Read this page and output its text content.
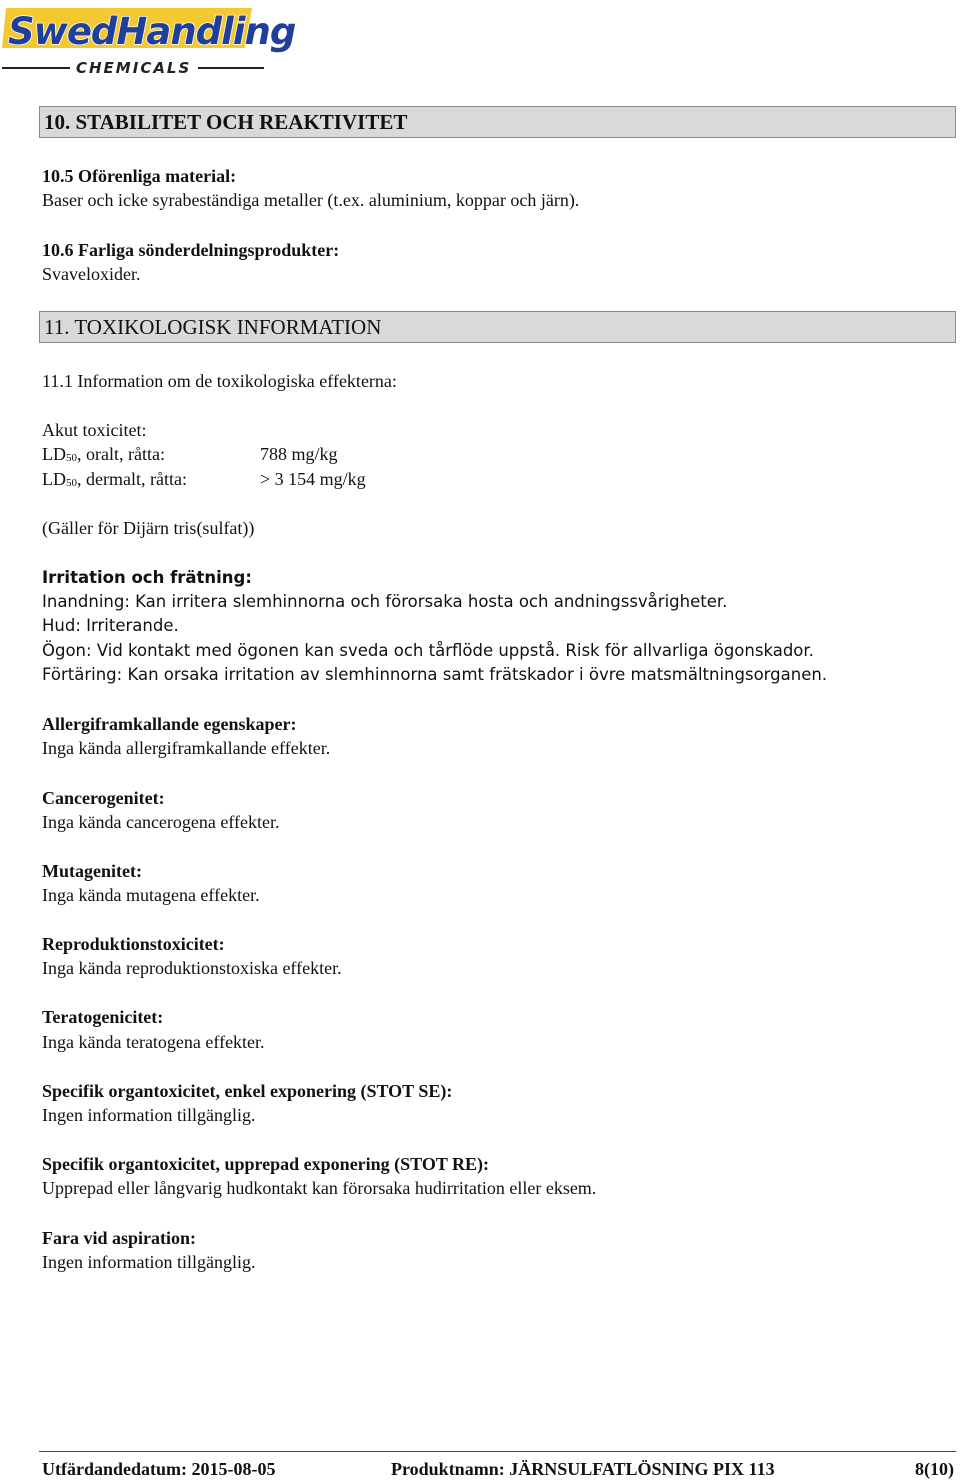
SwedHandling
CHEMICALS
10. STABILITET OCH REAKTIVITET
10.5 Oförenliga material:
Baser och icke syrabeständiga metaller (t.ex. aluminium, koppar och järn).
10.6 Farliga sönderdelningsprodukter:
Svaveloxider.
11. TOXIKOLOGISK INFORMATION
11.1 Information om de toxikologiska effekterna:
Akut toxicitet:
LD50, oralt, råtta:	788 mg/kg
LD50, dermalt, råtta:	> 3 154 mg/kg
(Gäller för Dijärn tris(sulfat))
Irritation och frätning:
Inandning: Kan irritera slemhinnorna och förorsaka hosta och andningssvårigheter.
Hud: Irriterande.
Ögon: Vid kontakt med ögonen kan sveda och tårflöde uppstå. Risk för allvarliga ögonskador.
Förtäring: Kan orsaka irritation av slemhinnorna samt frätskador i övre matsmältningsorganen.
Allergiframkallande egenskaper:
Inga kända allergiframkallande effekter.
Cancerogenitet:
Inga kända cancerogena effekter.
Mutagenitet:
Inga kända mutagena effekter.
Reproduktionstoxicitet:
Inga kända reproduktionstoxiska effekter.
Teratogenicitet:
Inga kända teratogena effekter.
Specifik organtoxicitet, enkel exponering (STOT SE):
Ingen information tillgänglig.
Specifik organtoxicitet, upprepad exponering (STOT RE):
Upprepad eller långvarig hudkontakt kan förorsaka hudirritation eller eksem.
Fara vid aspiration:
Ingen information tillgänglig.
Utfärdandedatum: 2015-08-05	Produktnamn: JÄRNSULFATLÖSNING PIX 113	8(10)
